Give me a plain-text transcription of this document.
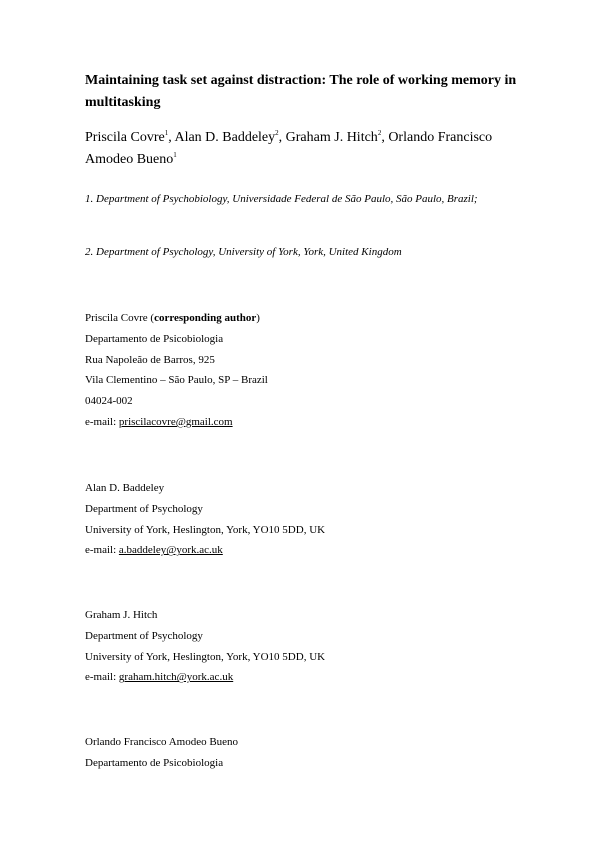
Maintaining task set against distraction: The role of working memory in multitasking

Priscila Covre$^1$, Alan D. Baddeley$^2$, Graham J. Hitch$^2$, Orlando Francisco Amodeo Bueno$^1$

1. Department of Psychobiology, Universidade Federal de São Paulo, São Paulo, Brazil;

2. Department of Psychology, University of York, York, United Kingdom

Priscila Covre (corresponding author)
Departamento de Psicobiologia
Rua Napoleão de Barros, 925
Vila Clementino – São Paulo, SP – Brazil
04024-002
e-mail: priscilacovre@gmail.com
Alan D. Baddeley
Department of Psychology
University of York, Heslington, York, YO10 5DD, UK
e-mail: a.baddeley@york.ac.uk
Graham J. Hitch
Department of Psychology
University of York, Heslington, York, YO10 5DD, UK
e-mail: graham.hitch@york.ac.uk
Orlando Francisco Amodeo Bueno
Departamento de Psicobiologia
